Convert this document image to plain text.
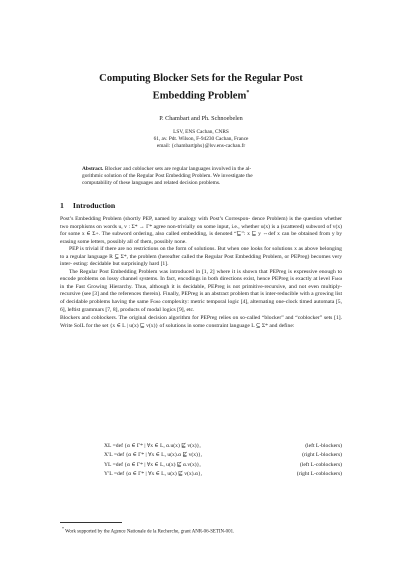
Computing Blocker Sets for the Regular Post
Embedding Problem*
P. Chambart and Ph. Schnoebelen
LSV, ENS Cachan, CNRS
61, av. Pdt. Wilson, F-94230 Cachan, France
email: {chambart|phs}@lsv.ens-cachan.fr
Abstract. Blocker and coblocker sets are regular languages involved in the al-
gorithmic solution of the Regular Post Embedding Problem. We investigate the
computability of these languages and related decision problems.
1 Introduction

Post’s Embedding Problem (shortly PEP, named by analogy with Post’s Correspon- dence Problem) is the question whether two morphisms on words u, v : Σ* → Γ* agree non-trivially on some input, i.e., whether u(x) is a (scattered) subword of v(x) for some x ∈ Σ+. The subword ordering, also called embedding, is denoted “⊑”: x ⊑ y ⇔def x can be obtained from y by erasing some letters, possibly all of them, possibly none.

PEP is trivial if there are no restrictions on the form of solutions. But when one looks for solutions x as above belonging to a regular language R ⊆ Σ*, the problem (hereafter called the Regular Post Embedding Problem, or PEPreg) becomes very inter- esting: decidable but surprisingly hard [1].

The Regular Post Embedding Problem was introduced in [1, 2] where it is shown that PEPreg is expressive enough to encode problems on lossy channel systems. In fact, encodings in both directions exist, hence PEPreg is exactly at level Fωω in the Fast Growing Hierarchy. Thus, although it is decidable, PEPreg is not primitive-recursive, and not even multiply-recursive (see [3] and the references therein). Finally, PEPreg is an abstract problem that is inter-reducible with a growing list of decidable problems having the same Fωω complexity: metric temporal logic [4], alternating one-clock timed automata [5, 6], leftist grammars [7, 8], products of modal logics [9], etc.

Blockers and coblockers. The original decision algorithm for PEPreg relies on so-called “blocker” and “coblocker” sets [1]. Write SolL for the set {x ∈ L | u(x) ⊑ v(x)} of solutions in some constraint language L ⊆ Σ* and define:

XL =def {α ∈ Γ* | ∀x ∈ L, α.u(x) ⋢ v(x)},	(left L-blockers)
X′L =def {α ∈ Γ* | ∀x ∈ L, u(x).α ⋢ v(x)},	(right L-blockers)
YL =def {α ∈ Γ* | ∀x ∈ L, u(x) ⋢ α.v(x)},	(left L-coblockers)
Y′L =def {α ∈ Γ* | ∀x ∈ L, u(x) ⋢ v(x).α},	(right L-coblockers)
* Work supported by the Agence Nationale de la Recherche, grant ANR-06-SETIN-001.
